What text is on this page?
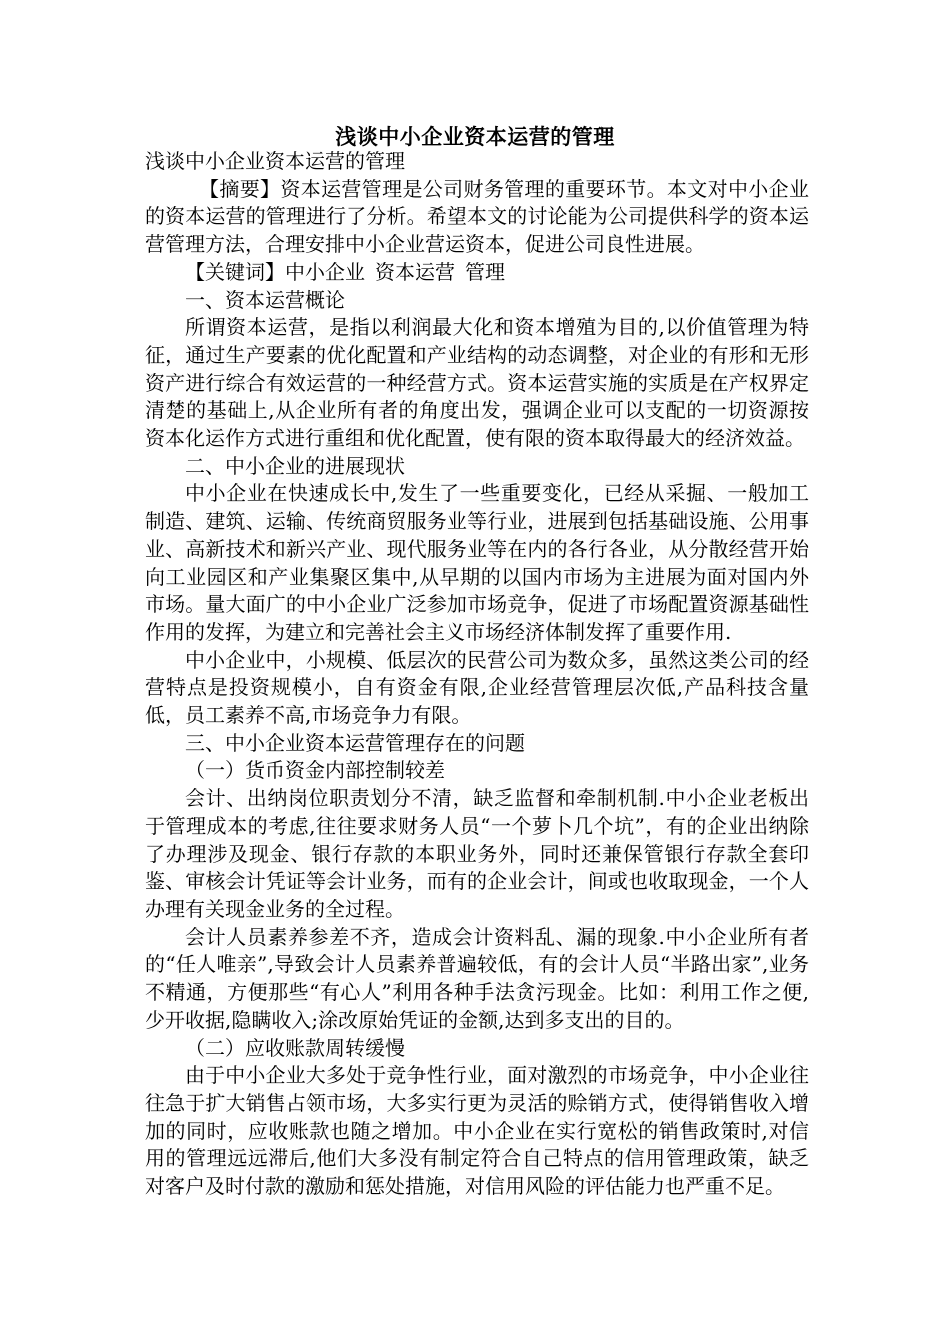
浅谈中小企业资本运营的管理

浅谈中小企业资本运营的管理

【摘要】资本运营管理是公司财务管理的重要环节。本文对中小企业的资本运营的管理进行了分析。希望本文的讨论能为公司提供科学的资本运营管理方法，合理安排中小企业营运资本，促进公司良性进展。

【关键词】中小企业 资本运营 管理

一、资本运营概论

所谓资本运营，是指以利润最大化和资本增殖为目的,以价值管理为特征，通过生产要素的优化配置和产业结构的动态调整，对企业的有形和无形资产进行综合有效运营的一种经营方式。资本运营实施的实质是在产权界定清楚的基础上,从企业所有者的角度出发，强调企业可以支配的一切资源按资本化运作方式进行重组和优化配置，使有限的资本取得最大的经济效益。

二、中小企业的进展现状

中小企业在快速成长中,发生了一些重要变化，已经从采掘、一般加工制造、建筑、运输、传统商贸服务业等行业，进展到包括基础设施、公用事业、高新技术和新兴产业、现代服务业等在内的各行各业，从分散经营开始向工业园区和产业集聚区集中,从早期的以国内市场为主进展为面对国内外市场。量大面广的中小企业广泛参加市场竞争，促进了市场配置资源基础性作用的发挥，为建立和完善社会主义市场经济体制发挥了重要作用.

中小企业中，小规模、低层次的民营公司为数众多，虽然这类公司的经营特点是投资规模小，自有资金有限,企业经营管理层次低,产品科技含量低，员工素养不高,市场竞争力有限。

三、中小企业资本运营管理存在的问题

（一）货币资金内部控制较差

会计、出纳岗位职责划分不清，缺乏监督和牵制机制.中小企业老板出于管理成本的考虑,往往要求财务人员“一个萝卜几个坑”，有的企业出纳除了办理涉及现金、银行存款的本职业务外，同时还兼保管银行存款全套印鉴、审核会计凭证等会计业务，而有的企业会计，间或也收取现金，一个人办理有关现金业务的全过程。

会计人员素养参差不齐，造成会计资料乱、漏的现象.中小企业所有者的“任人唯亲”,导致会计人员素养普遍较低，有的会计人员“半路出家”,业务不精通，方便那些“有心人”利用各种手法贪污现金。比如：利用工作之便,少开收据,隐瞒收入;涂改原始凭证的金额,达到多支出的目的。

（二）应收账款周转缓慢

由于中小企业大多处于竞争性行业，面对激烈的市场竞争，中小企业往往急于扩大销售占领市场，大多实行更为灵活的赊销方式，使得销售收入增加的同时，应收账款也随之增加。中小企业在实行宽松的销售政策时,对信用的管理远远滞后,他们大多没有制定符合自己特点的信用管理政策，缺乏对客户及时付款的激励和惩处措施，对信用风险的评估能力也严重不足。
